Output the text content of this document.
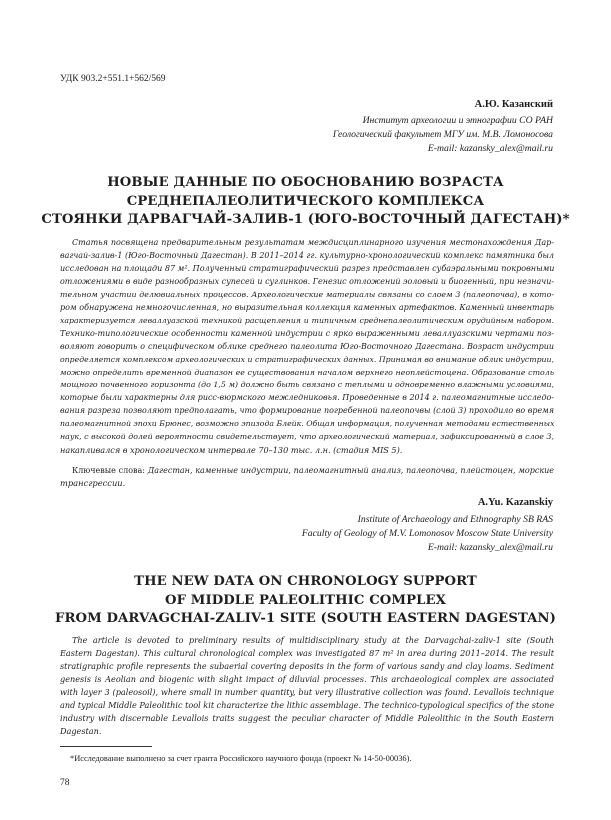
УДК 903.2+551.1+562/569
А.Ю. Казанский
Институт археологии и этнографии СО РАН
Геологический факультет МГУ им. М.В. Ломоносова
E-mail: kazansky_alex@mail.ru
НОВЫЕ ДАННЫЕ ПО ОБОСНОВАНИЮ ВОЗРАСТА
СРЕДНЕПАЛЕОЛИТИЧЕСКОГО КОМПЛЕКСА
СТОЯНКИ ДАРВАГЧАЙ-ЗАЛИВ-1 (ЮГО-ВОСТОЧНЫЙ ДАГЕСТАН)*
Статья посвящена предварительным результатам междисциплинарного изучения местонахождения Дар-
вагчай-залив-1 (Юго-Восточный Дагестан). В 2011–2014 гг. культурно-хронологический комплекс памятника был
исследован на площади 87 м². Полученный стратиграфический разрез представлен субаэральными покровными
отложениями в виде разнообразных супесей и суглинков. Генезис отложений эоловый и биогенный, при незначи-
тельном участии делювиальных процессов. Археологические материалы связаны со слоем 3 (палеопочва), в кото-
ром обнаружена немногочисленная, но выразительная коллекция каменных артефактов. Каменный инвентарь
характеризуется леваллуазской техникой расщепления и типичным среднепалеолитическим орудийным набором.
Технико-типологические особенности каменной индустрии с ярко выраженными леваллуазскими чертами поз-
воляют говорить о специфическом облике среднего палеолита Юго-Восточного Дагестана. Возраст индустрии
определяется комплексом археологических и стратиграфических данных. Принимая во внимание облик индустрии,
можно определить временной диапазон ее существования началом верхнего неоплейстоцена. Образование столь
мощного почвенного горизонта (до 1,5 м) должно быть связано с теплыми и одновременно влажными условиями,
которые были характерны для рисс-вюрмского межледниковья. Проведенные в 2014 г. палеомагнитные исследо-
вания разреза позволяют предполагать, что формирование погребенной палеопочвы (слой 3) проходило во время
палеомагнитной эпохи Брюнес, возможно эпизода Блейк. Общая информация, полученная методами естественных
наук, с высокой долей вероятности свидетельствует, что археологический материал, зафиксированный в слое 3,
накапливался в хронологическом интервале 70–130 тыс. л.н. (стадия MIS 5).
Ключевые слова: Дагестан, каменные индустрии, палеомагнитный анализ, палеопочва, плейстоцен, морские
трансгрессии.
A.Yu. Kazanskiy
Institute of Archaeology and Ethnography SB RAS
Faculty of Geology of M.V. Lomonosov Moscow State University
E-mail: kazansky_alex@mail.ru
THE NEW DATA ON CHRONOLOGY SUPPORT
OF MIDDLE PALEOLITHIC COMPLEX
FROM DARVAGCHAI-ZALIV-1 SITE (SOUTH EASTERN DAGESTAN)
The article is devoted to preliminary results of multidisciplinary study at the Darvagchai-zaliv-1 site (South
Eastern Dagestan). This cultural chronological complex was investigated 87 m² in area during 2011–2014. The result
stratigraphic profile represents the subaerial covering deposits in the form of various sandy and clay loams. Sediment
genesis is Aeolian and biogenic with slight impact of diluvial processes. This archaeological complex are associated
with layer 3 (paleosoil), where small in number quantity, but very illustrative collection was found. Levallois technique
and typical Middle Paleolithic tool kit characterize the lithic assemblage. The technico-typological specifics of the stone
industry with discernable Levallois traits suggest the peculiar character of Middle Paleolithic in the South Eastern
Dagestan.
*Исследование выполнено за счет гранта Российского научного фонда (проект № 14-50-00036).
78
